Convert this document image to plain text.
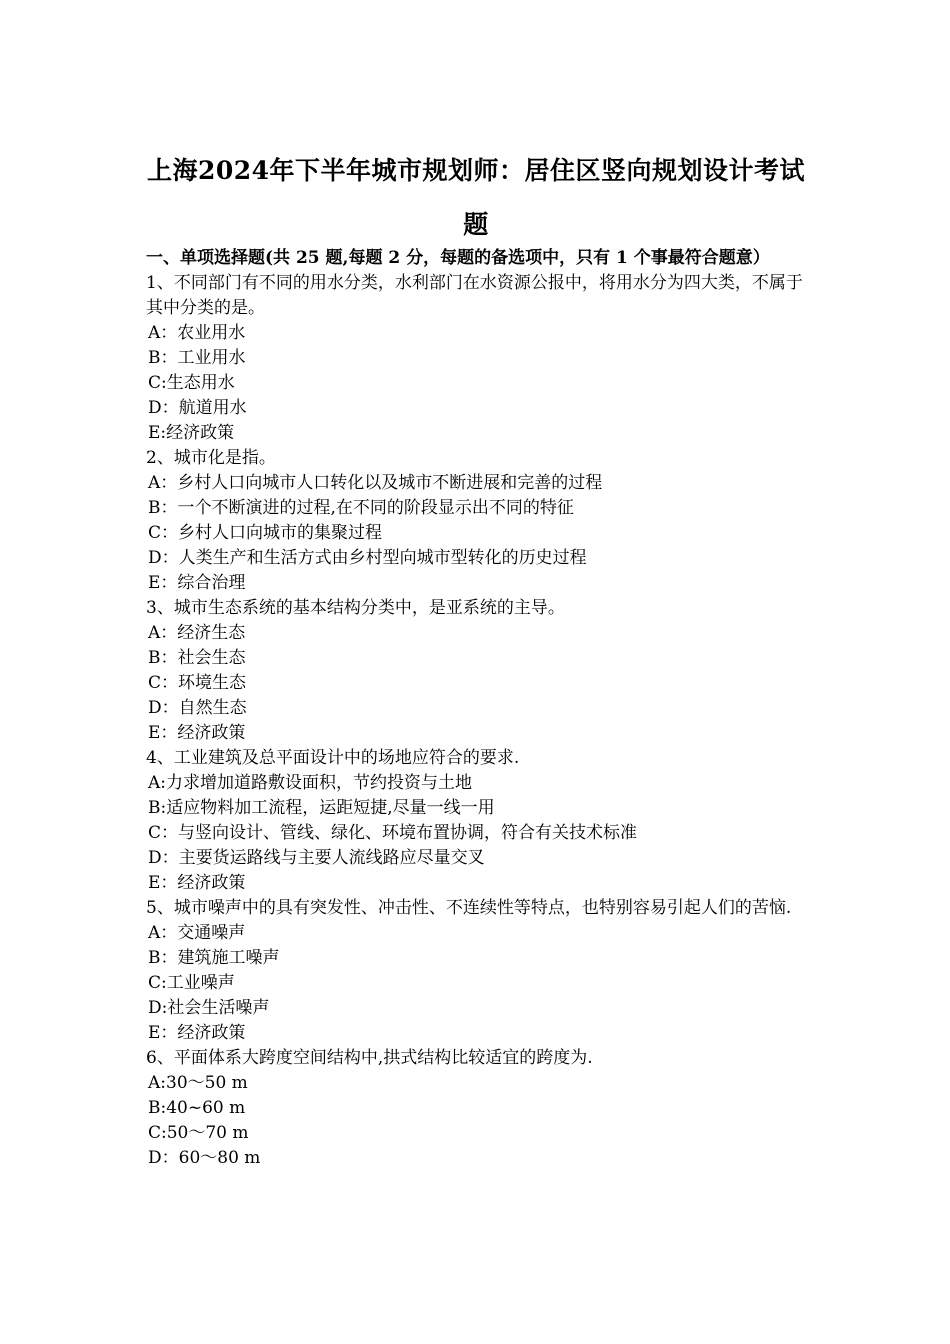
上海2024年下半年城市规划师：居住区竖向规划设计考试
题

一、单项选择题(共 25 题,每题 2 分，每题的备选项中，只有 1 个事最符合题意）

1、不同部门有不同的用水分类，水利部门在水资源公报中，将用水分为四大类，不属于其中分类的是。

A：农业用水

B：工业用水

C:生态用水

D：航道用水

E:经济政策

2、城市化是指。

A：乡村人口向城市人口转化以及城市不断进展和完善的过程

B：一个不断演进的过程,在不同的阶段显示出不同的特征

C：乡村人口向城市的集聚过程

D：人类生产和生活方式由乡村型向城市型转化的历史过程

E：综合治理

3、城市生态系统的基本结构分类中，是亚系统的主导。

A：经济生态

B：社会生态

C：环境生态

D：自然生态

E：经济政策

4、工业建筑及总平面设计中的场地应符合的要求.

A:力求增加道路敷设面积，节约投资与土地

B:适应物料加工流程，运距短捷,尽量一线一用

C：与竖向设计、管线、绿化、环境布置协调，符合有关技术标准

D：主要货运路线与主要人流线路应尽量交叉

E：经济政策

5、城市噪声中的具有突发性、冲击性、不连续性等特点，也特别容易引起人们的苦恼.

A：交通噪声

B：建筑施工噪声

C:工业噪声

D:社会生活噪声

E：经济政策

6、平面体系大跨度空间结构中,拱式结构比较适宜的跨度为.

A:30～50 m

B:40~60 m

C:50～70 m

D：60～80 m
